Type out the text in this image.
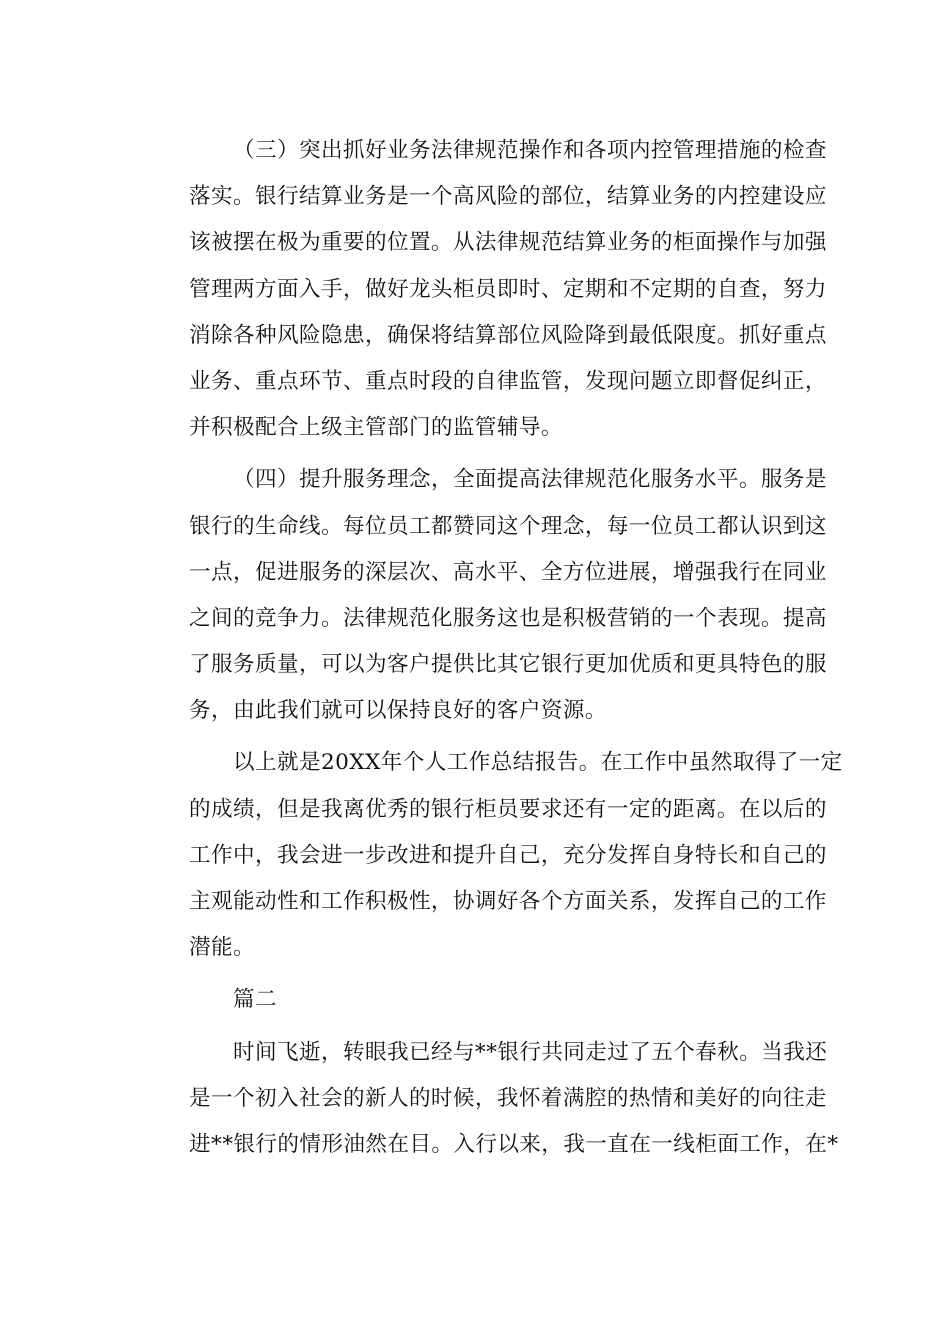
（三）突出抓好业务法律规范操作和各项内控管理措施的检查
落实。银行结算业务是一个高风险的部位，结算业务的内控建设应
该被摆在极为重要的位置。从法律规范结算业务的柜面操作与加强
管理两方面入手，做好龙头柜员即时、定期和不定期的自查，努力
消除各种风险隐患，确保将结算部位风险降到最低限度。抓好重点
业务、重点环节、重点时段的自律监管，发现问题立即督促纠正，
并积极配合上级主管部门的监管辅导。
（四）提升服务理念，全面提高法律规范化服务水平。服务是
银行的生命线。每位员工都赞同这个理念，每一位员工都认识到这
一点，促进服务的深层次、高水平、全方位进展，增强我行在同业
之间的竞争力。法律规范化服务这也是积极营销的一个表现。提高
了服务质量，可以为客户提供比其它银行更加优质和更具特色的服
务，由此我们就可以保持良好的客户资源。
以上就是20XX年个人工作总结报告。在工作中虽然取得了一定
的成绩，但是我离优秀的银行柜员要求还有一定的距离。在以后的
工作中，我会进一步改进和提升自己，充分发挥自身特长和自己的
主观能动性和工作积极性，协调好各个方面关系，发挥自己的工作
潜能。
篇二
时间飞逝，转眼我已经与**银行共同走过了五个春秋。当我还
是一个初入社会的新人的时候，我怀着满腔的热情和美好的向往走
进**银行的情形油然在目。入行以来，我一直在一线柜面工作，在*
